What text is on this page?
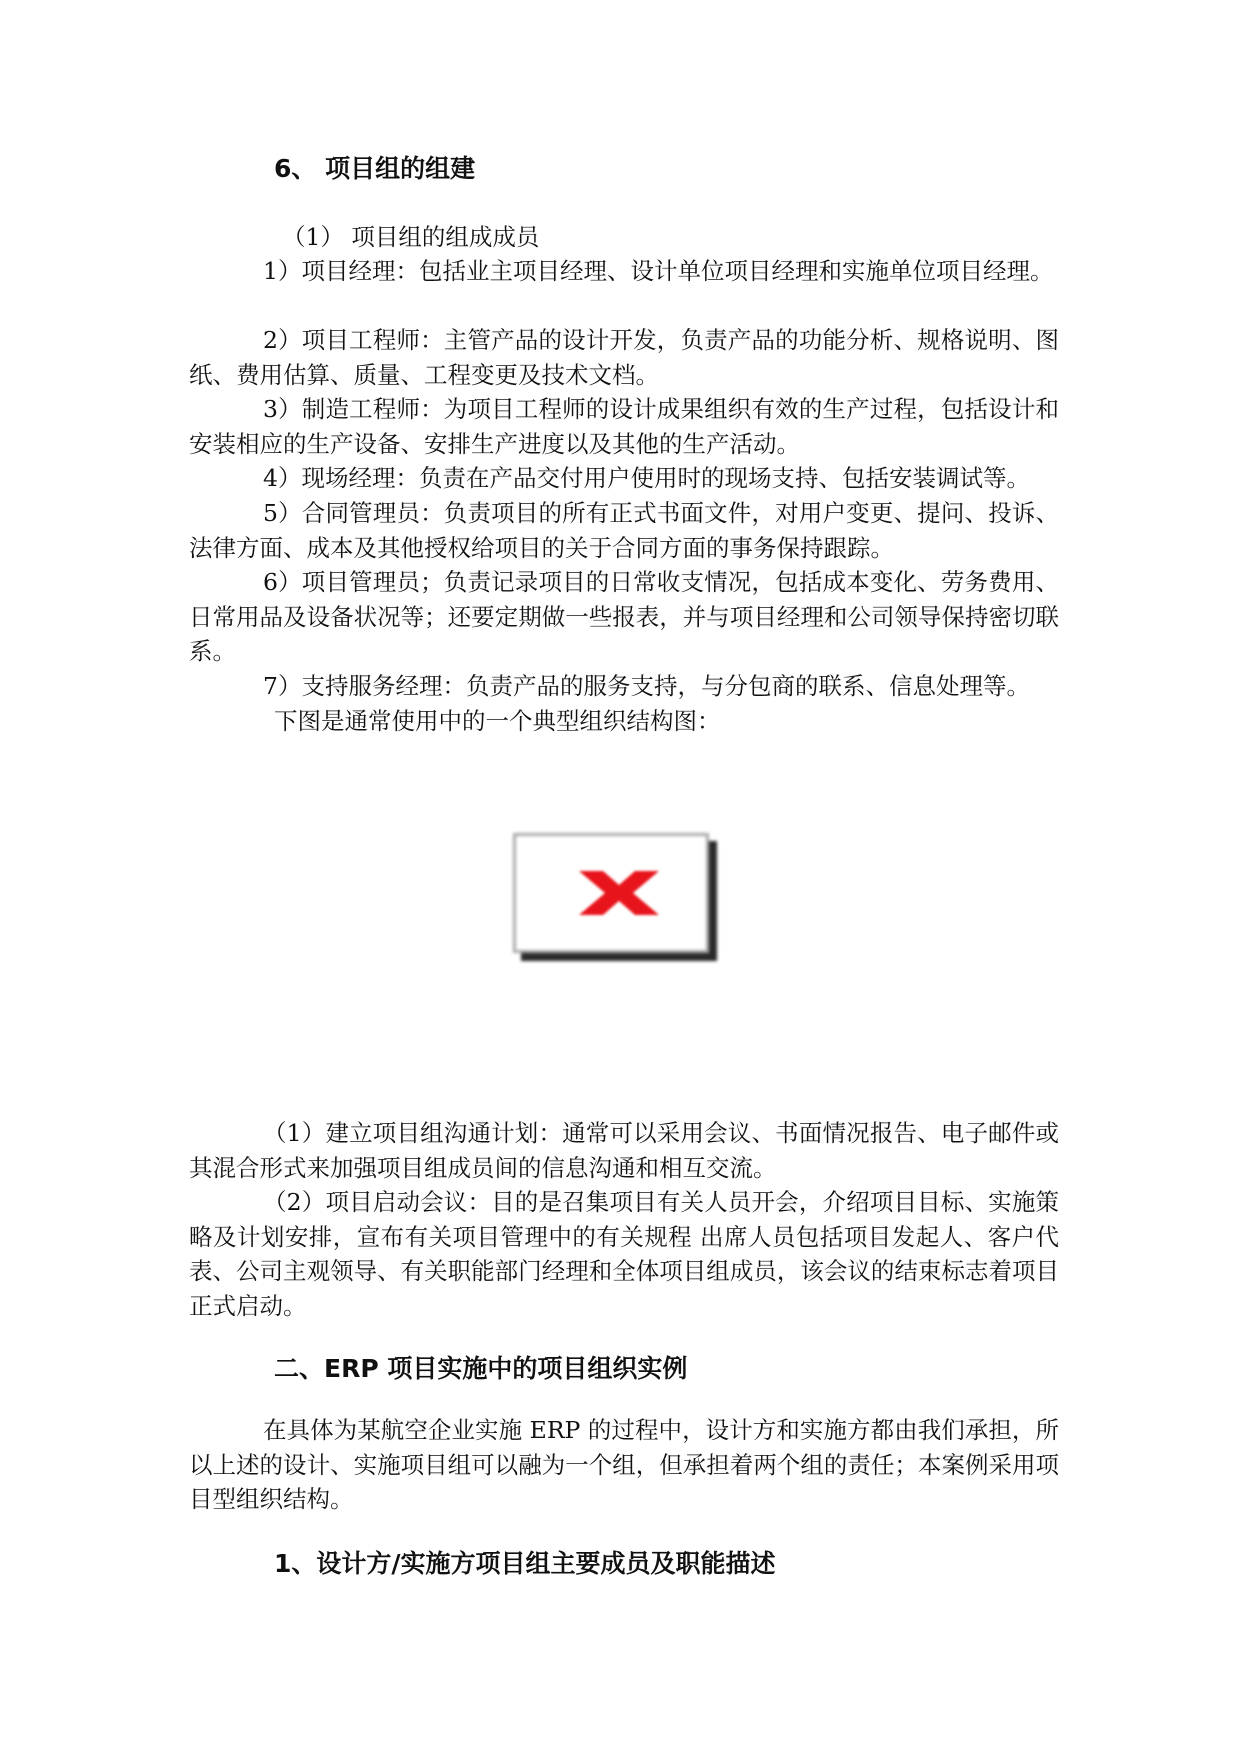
6、 项目组的组建
（1） 项目组的组成成员

1）项目经理：包括业主项目经理、设计单位项目经理和实施单位项目经理。

2）项目工程师：主管产品的设计开发，负责产品的功能分析、规格说明、图纸、费用估算、质量、工程变更及技术文档。

3）制造工程师：为项目工程师的设计成果组织有效的生产过程，包括设计和安装相应的生产设备、安排生产进度以及其他的生产活动。

4）现场经理：负责在产品交付用户使用时的现场支持、包括安装调试等。

5）合同管理员：负责项目的所有正式书面文件，对用户变更、提问、投诉、法律方面、成本及其他授权给项目的关于合同方面的事务保持跟踪。

6）项目管理员；负责记录项目的日常收支情况，包括成本变化、劳务费用、日常用品及设备状况等；还要定期做一些报表，并与项目经理和公司领导保持密切联系。

7）支持服务经理：负责产品的服务支持，与分包商的联系、信息处理等。

下图是通常使用中的一个典型组织结构图：

（1）建立项目组沟通计划：通常可以采用会议、书面情况报告、电子邮件或其混合形式来加强项目组成员间的信息沟通和相互交流。

（2）项目启动会议：目的是召集项目有关人员开会，介绍项目目标、实施策略及计划安排，宣布有关项目管理中的有关规程 出席人员包括项目发起人、客户代表、公司主观领导、有关职能部门经理和全体项目组成员，该会议的结束标志着项目正式启动。

二、ERP 项目实施中的项目组织实例

在具体为某航空企业实施 ERP 的过程中，设计方和实施方都由我们承担，所以上述的设计、实施项目组可以融为一个组，但承担着两个组的责任；本案例采用项目型组织结构。

1、设计方/实施方项目组主要成员及职能描述
